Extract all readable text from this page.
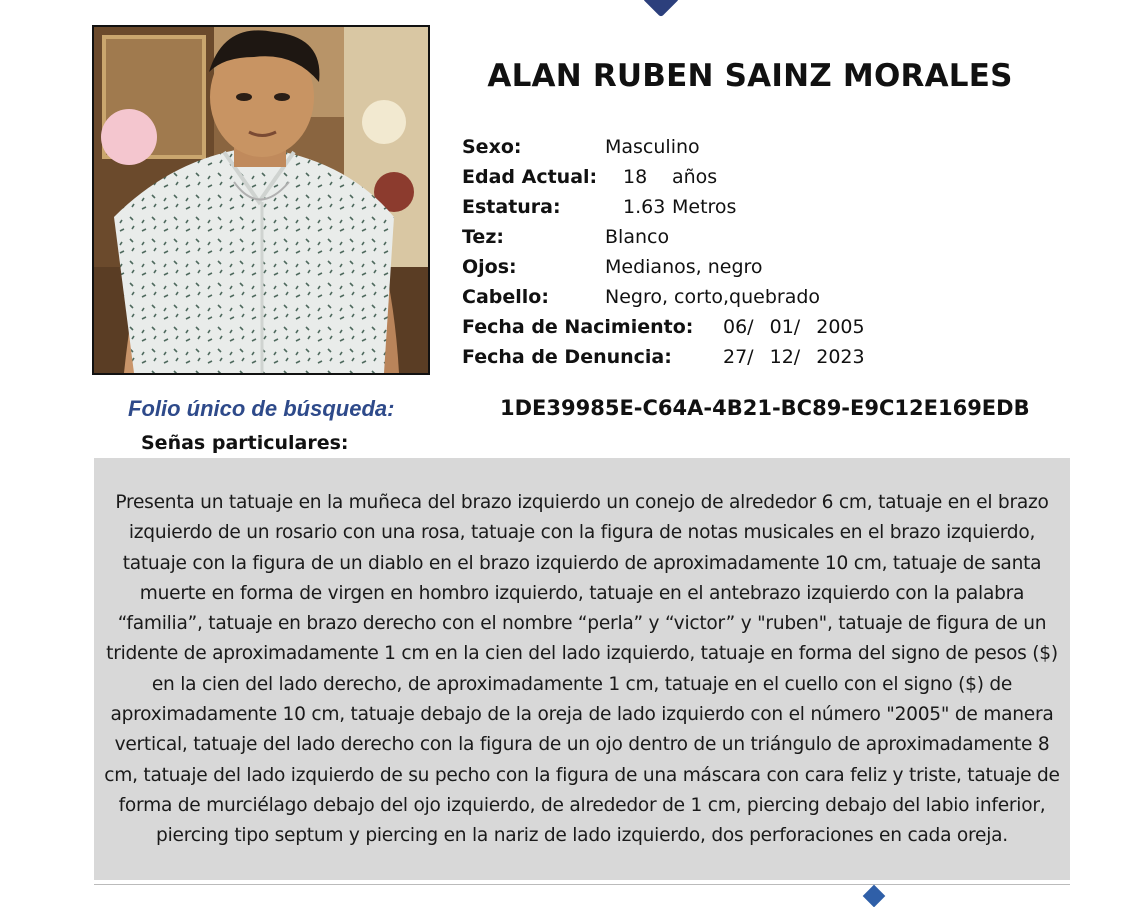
ALAN RUBEN SAINZ MORALES
Sexo:	Masculino
Edad Actual: 18 años
Estatura:	1.63 Metros
Tez:	Blanco
Ojos:	Medianos, negro
Cabello:	Negro, corto,quebrado
Fecha de Nacimiento: 06/ 01/ 2005
Fecha de Denuncia:	27/ 12/ 2023
Folio único de búsqueda:	1DE39985E-C64A-4B21-BC89-E9C12E169EDB
Señas particulares:

Presenta un tatuaje en la muñeca del brazo izquierdo un conejo de alrededor 6 cm, tatuaje en el brazo izquierdo de un rosario con una rosa, tatuaje con la figura de notas musicales en el brazo izquierdo, tatuaje con la figura de un diablo en el brazo izquierdo de aproximadamente 10 cm, tatuaje de santa muerte en forma de virgen en hombro izquierdo, tatuaje en el antebrazo izquierdo con la palabra “familia”, tatuaje en brazo derecho con el nombre “perla” y “victor” y "ruben", tatuaje de figura de un tridente de aproximadamente 1 cm en la cien del lado izquierdo, tatuaje en forma del signo de pesos ($) en la cien del lado derecho, de aproximadamente 1 cm, tatuaje en el cuello con el signo ($) de aproximadamente 10 cm, tatuaje debajo de la oreja de lado izquierdo con el número "2005" de manera vertical, tatuaje del lado derecho con la figura de un ojo dentro de un triángulo de aproximadamente 8 cm, tatuaje del lado izquierdo de su pecho con la figura de una máscara con cara feliz y triste, tatuaje de forma de murciélago debajo del ojo izquierdo, de alrededor de 1 cm, piercing debajo del labio inferior, piercing tipo septum y piercing en la nariz de lado izquierdo, dos perforaciones en cada oreja.
